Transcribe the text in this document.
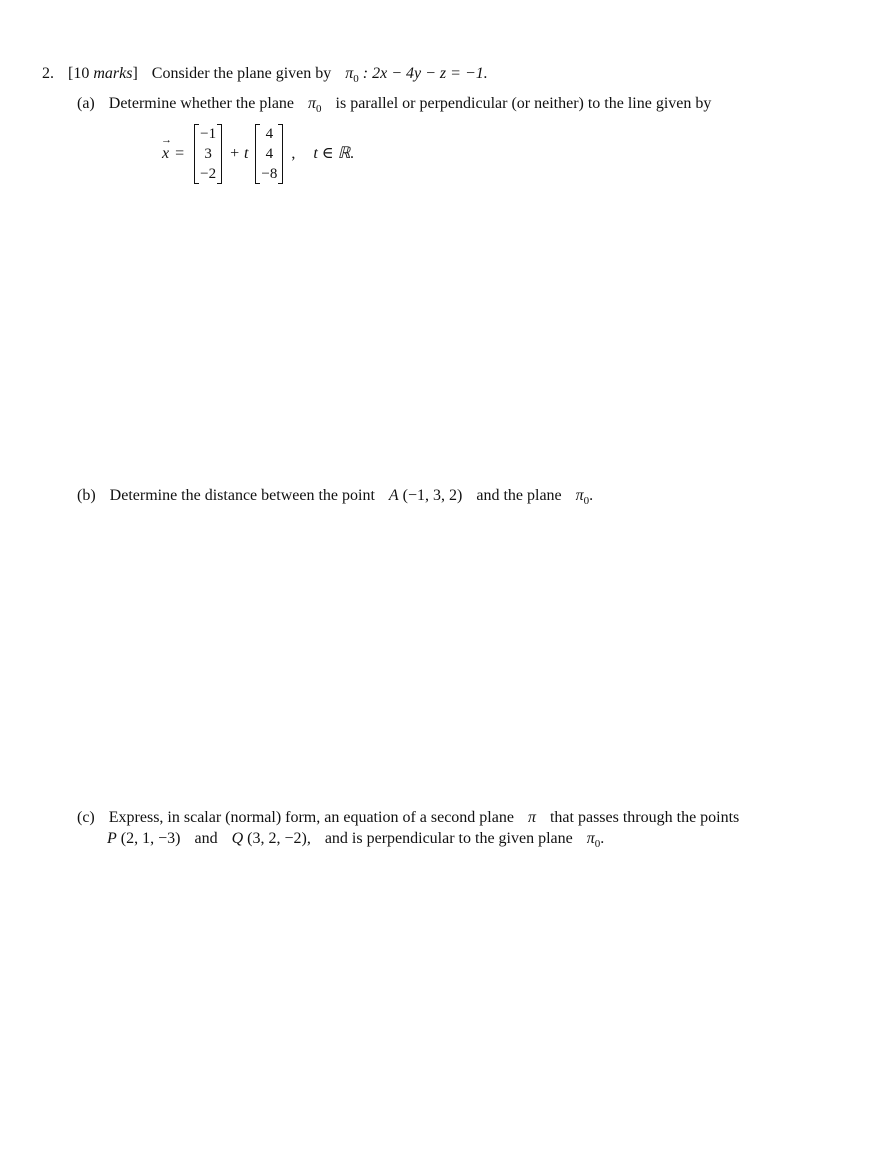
2. [10 marks] Consider the plane given by $\pi_0$ : 2x − 4y − z = −1.
(a) Determine whether the plane $\pi_0$ is parallel or perpendicular (or neither) to the line given by
→ x =
−1
3
−2
+ t
4
4
−8
, t ∈ ℝ.
(b) Determine the distance between the point A (−1, 3, 2) and the plane $\pi_0$.
(c) Express, in scalar (normal) form, an equation of a second plane π that passes through the points
P (2, 1, −3) and Q (3, 2, −2), and is perpendicular to the given plane $\pi_0$.
